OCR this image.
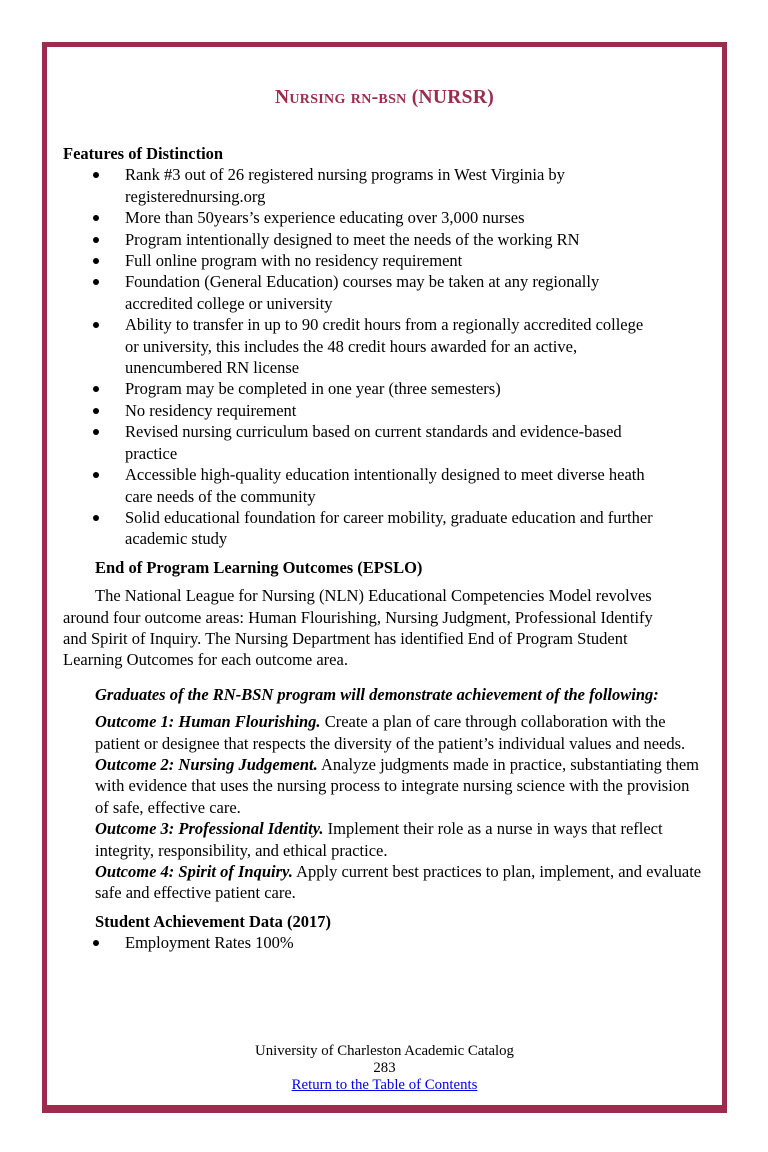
Nursing rn-bsn (NURSR)
Features of Distinction
Rank #3 out of 26 registered nursing programs in West Virginia by
registerednursing.org
More than 50years’s experience educating over 3,000 nurses
Program intentionally designed to meet the needs of the working RN
Full online program with no residency requirement
Foundation (General Education) courses may be taken at any regionally
accredited college or university
Ability to transfer in up to 90 credit hours from a regionally accredited college
or university, this includes the 48 credit hours awarded for an active,
unencumbered RN license
Program may be completed in one year (three semesters)
No residency requirement
Revised nursing curriculum based on current standards and evidence-based
practice
Accessible high-quality education intentionally designed to meet diverse heath
care needs of the community
Solid educational foundation for career mobility, graduate education and further
academic study
End of Program Learning Outcomes (EPSLO)

The National League for Nursing (NLN) Educational Competencies Model revolves
around four outcome areas: Human Flourishing, Nursing Judgment, Professional Identify
and Spirit of Inquiry. The Nursing Department has identified End of Program Student
Learning Outcomes for each outcome area.

Graduates of the RN-BSN program will demonstrate achievement of the following:

Outcome 1: Human Flourishing. Create a plan of care through collaboration with the patient or designee that respects the diversity of the patient’s individual values and needs.

Outcome 2: Nursing Judgement. Analyze judgments made in practice, substantiating them with evidence that uses the nursing process to integrate nursing science with the provision of safe, effective care.

Outcome 3: Professional Identity. Implement their role as a nurse in ways that reflect integrity, responsibility, and ethical practice.

Outcome 4: Spirit of Inquiry. Apply current best practices to plan, implement, and evaluate safe and effective patient care.

Student Achievement Data (2017)
Employment Rates 100%
University of Charleston Academic Catalog
283
Return to the Table of Contents
